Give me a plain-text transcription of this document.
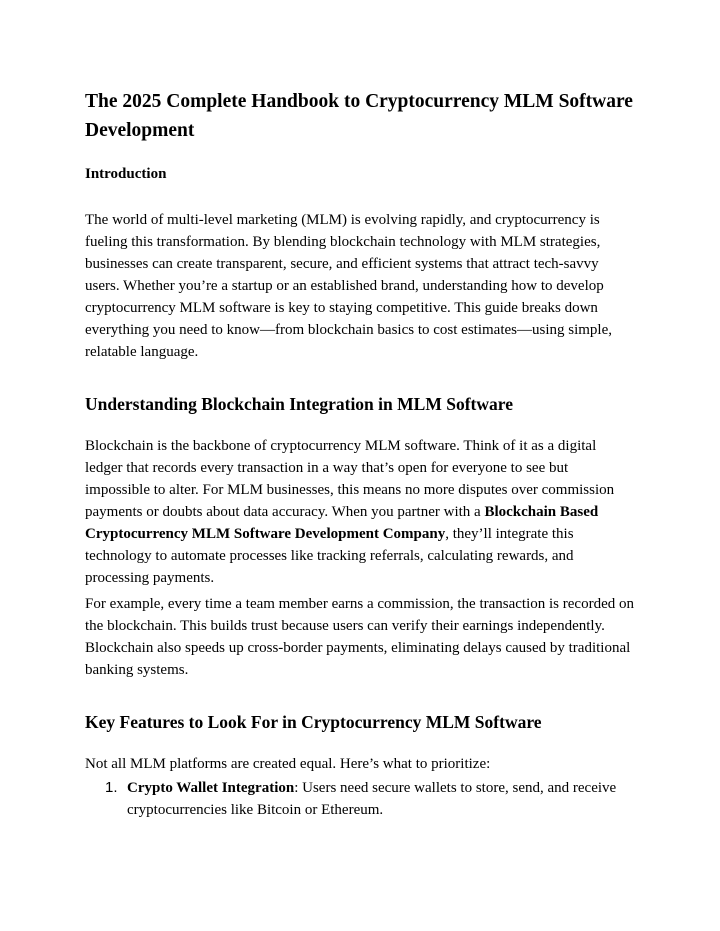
The 2025 Complete Handbook to Cryptocurrency MLM Software Development
Introduction

The world of multi-level marketing (MLM) is evolving rapidly, and cryptocurrency is fueling this transformation. By blending blockchain technology with MLM strategies, businesses can create transparent, secure, and efficient systems that attract tech-savvy users. Whether you’re a startup or an established brand, understanding how to develop cryptocurrency MLM software is key to staying competitive. This guide breaks down everything you need to know—from blockchain basics to cost estimates—using simple, relatable language.

Understanding Blockchain Integration in MLM Software

Blockchain is the backbone of cryptocurrency MLM software. Think of it as a digital ledger that records every transaction in a way that’s open for everyone to see but impossible to alter. For MLM businesses, this means no more disputes over commission payments or doubts about data accuracy. When you partner with a Blockchain Based Cryptocurrency MLM Software Development Company, they’ll integrate this technology to automate processes like tracking referrals, calculating rewards, and processing payments.

For example, every time a team member earns a commission, the transaction is recorded on the blockchain. This builds trust because users can verify their earnings independently. Blockchain also speeds up cross-border payments, eliminating delays caused by traditional banking systems.

Key Features to Look For in Cryptocurrency MLM Software

Not all MLM platforms are created equal. Here’s what to prioritize:

1. Crypto Wallet Integration: Users need secure wallets to store, send, and receive cryptocurrencies like Bitcoin or Ethereum.
